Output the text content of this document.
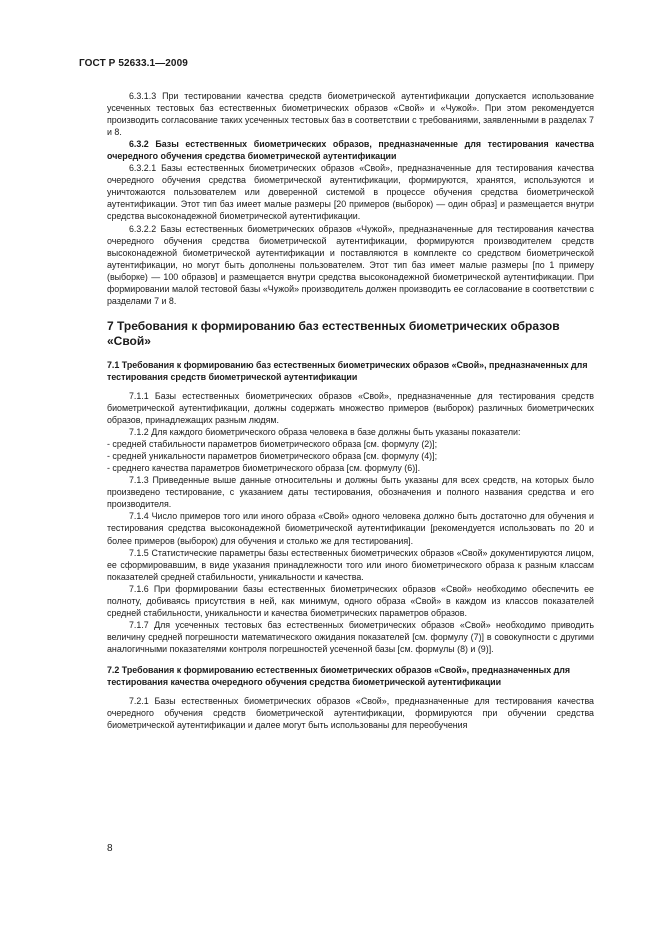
ГОСТ Р 52633.1—2009

6.3.1.3 При тестировании качества средств биометрической аутентификации допускается использование усеченных тестовых баз естественных биометрических образов «Свой» и «Чужой». При этом рекомендуется производить согласование таких усеченных тестовых баз в соответствии с требованиями, заявленными в разделах 7 и 8.

6.3.2 Базы естественных биометрических образов, предназначенные для тестирования качества очередного обучения средства биометрической аутентификации

6.3.2.1 Базы естественных биометрических образов «Свой», предназначенные для тестирования качества очередного обучения средства биометрической аутентификации, формируются, хранятся, используются и уничтожаются пользователем или доверенной системой в процессе обучения средства биометрической аутентификации. Этот тип баз имеет малые размеры [20 примеров (выборок) — один образ] и размещается внутри средства высоконадежной биометрической аутентификации.

6.3.2.2 Базы естественных биометрических образов «Чужой», предназначенные для тестирования качества очередного обучения средства биометрической аутентификации, формируются производителем средств высоконадежной биометрической аутентификации и поставляются в комплекте со средством биометрической аутентификации, но могут быть дополнены пользователем. Этот тип баз имеет малые размеры [по 1 примеру (выборке) — 100 образов] и размещается внутри средства высоконадежной биометрической аутентификации. При формировании малой тестовой базы «Чужой» производитель должен производить ее согласование в соответствии с разделами 7 и 8.

7 Требования к формированию баз естественных биометрических образов «Свой»

7.1 Требования к формированию баз естественных биометрических образов «Свой», предназначенных для тестирования средств биометрической аутентификации

7.1.1 Базы естественных биометрических образов «Свой», предназначенные для тестирования средств биометрической аутентификации, должны содержать множество примеров (выборок) различных биометрических образов, принадлежащих разным людям.

7.1.2 Для каждого биометрического образа человека в базе должны быть указаны показатели:

- средней стабильности параметров биометрического образа [см. формулу (2)];

- средней уникальности параметров биометрического образа [см. формулу (4)];

- среднего качества параметров биометрического образа [см. формулу (6)].

7.1.3 Приведенные выше данные относительны и должны быть указаны для всех средств, на которых было произведено тестирование, с указанием даты тестирования, обозначения и полного названия средства и его производителя.

7.1.4 Число примеров того или иного образа «Свой» одного человека должно быть достаточно для обучения и тестирования средства высоконадежной биометрической аутентификации [рекомендуется использовать по 20 и более примеров (выборок) для обучения и столько же для тестирования].

7.1.5 Статистические параметры базы естественных биометрических образов «Свой» документируются лицом, ее сформировавшим, в виде указания принадлежности того или иного биометрического образа к разным классам показателей средней стабильности, уникальности и качества.

7.1.6 При формировании базы естественных биометрических образов «Свой» необходимо обеспечить ее полноту, добиваясь присутствия в ней, как минимум, одного образа «Свой» в каждом из классов показателей средней стабильности, уникальности и качества биометрических параметров образов.

7.1.7 Для усеченных тестовых баз естественных биометрических образов «Свой» необходимо приводить величину средней погрешности математического ожидания показателей [см. формулу (7)] в совокупности с другими аналогичными показателями контроля погрешностей усеченной базы [см. формулы (8) и (9)].

7.2 Требования к формированию естественных биометрических образов «Свой», предназначенных для тестирования качества очередного обучения средства биометрической аутентификации

7.2.1 Базы естественных биометрических образов «Свой», предназначенные для тестирования качества очередного обучения средств биометрической аутентификации, формируются при обучении средства биометрической аутентификации и далее могут быть использованы для переобучения

8
